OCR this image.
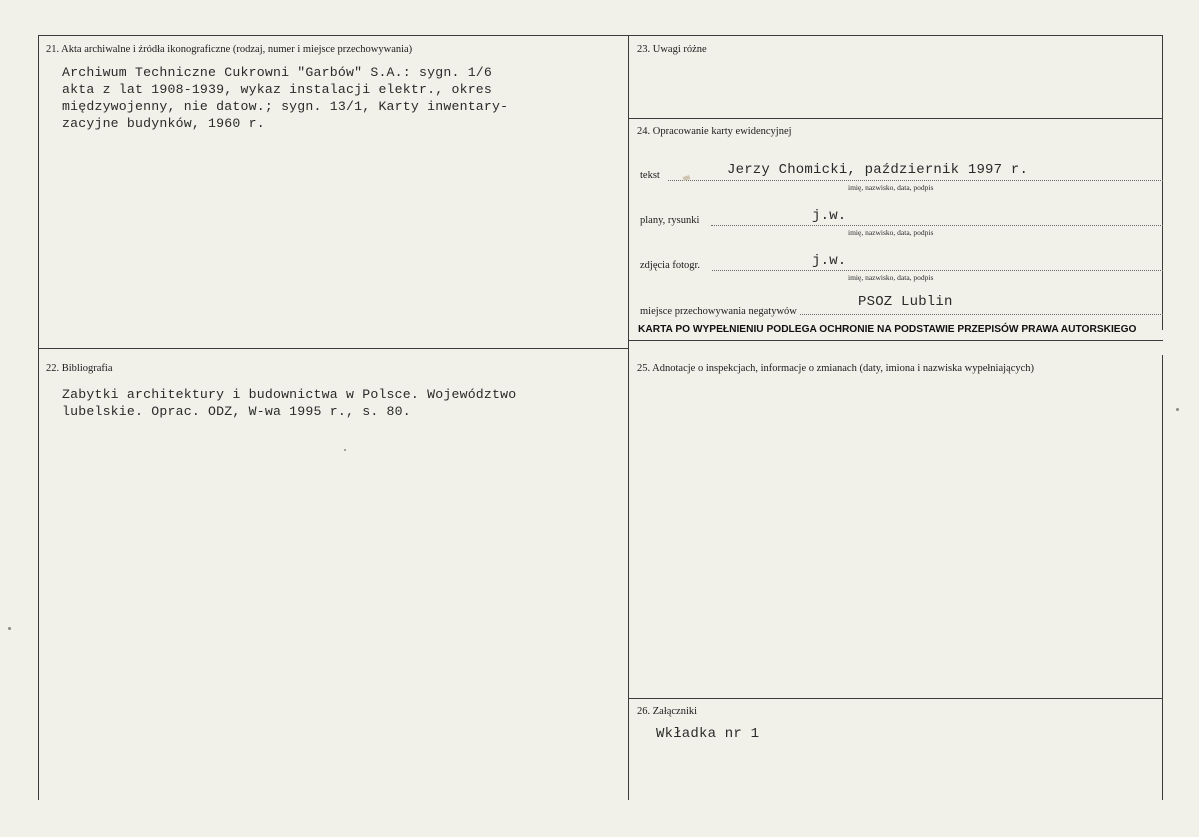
21. Akta archiwalne i źródła ikonograficzne (rodzaj, numer i miejsce przechowywania)
Archiwum Techniczne Cukrowni "Garbów" S.A.: sygn. 1/6
akta z lat 1908-1939, wykaz instalacji elektr., okres
międzywojenny, nie datow.; sygn. 13/1, Karty inwentary-
zacyjne budynków, 1960 r.
22. Bibliografia
Zabytki architektury i budownictwa w Polsce. Województwo
lubelskie. Oprac. ODZ, W-wa 1995 r., s. 80.
23. Uwagi różne
24. Opracowanie karty ewidencyjnej
tekst	Jerzy Chomicki, październik 1997 r.
imię, nazwisko, data, podpis
plany, rysunki	j.w.
imię, nazwisko, data, podpis
zdjęcia fotogr.	j.w.
imię, nazwisko, data, podpis
miejsce przechowywania negatywów
PSOZ Lublin
KARTA PO WYPEŁNIENIU PODLEGA OCHRONIE NA PODSTAWIE PRZEPISÓW PRAWA AUTORSKIEGO
25. Adnotacje o inspekcjach, informacje o zmianach (daty, imiona i nazwiska wypełniających)
26. Załączniki
Wkładka nr 1
